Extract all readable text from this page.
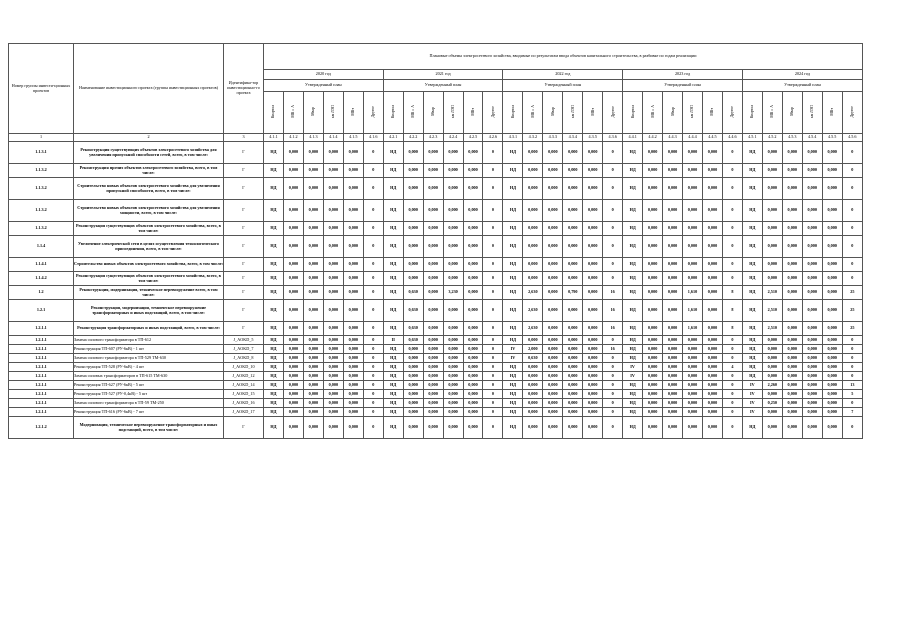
Номер группы инвести-ционных проектов	Наименование инвестиционного проекта (группы инвестиционных проектов)	Идентифика-тор инвестиционно-го проекта	Плановые объемы электросетевого хозяйства, вводимые по результатам ввода объектов капитального строительства, в разбивке по годам реализации																													
			2020 год						2021 год						2022 год						2023 год						2024 год					
			Утвержденный план						Утвержденный план						Утвержденный план						Утвержденный план						Утвержденный план					
			Квартал	МВ×А	Мвар	км ЛЭП	МВт	Другое	Квартал	МВ×А	Мвар	км ЛЭП	МВт	Другое	Квартал	МВ×А	Мвар	км ЛЭП	МВт	Другое	Квартал	МВ×А	Мвар	км ЛЭП	МВт	Другое	Квартал	МВ×А	Мвар	км ЛЭП	МВт	Другое
1	2	3	4.1.1	4.1.2	4.1.3	4.1.4	4.1.5	4.1.6	4.2.1	4.2.2	4.2.3	4.2.4	4.2.5	4.2.6	4.3.1	4.3.2	4.3.3	4.3.4	4.3.5	4.3.6	4.4.1	4.4.2	4.4.3	4.4.4	4.4.5	4.4.6	4.5.1	4.5.2	4.5.3	4.5.4	4.5.5	4.5.6
1.1.3.1	Реконструкция существующих объектов электросетевого хозяйства для увеличения пропускной способности сетей, всего, в том числе:	Г	НД	0,000	0,000	0,000	0,000	0	НД	0,000	0,000	0,000	0,000	0	НД	0,000	0,000	0,000	0,000	0	НД	0,000	0,000	0,000	0,000	0	НД	0,000	0,000	0,000	0,000	0
1.1.3.2	Реконструкция прочих объектов электросетевого хозяйства, всего, в том числе:	Г	НД	0,000	0,000	0,000	0,000	0	НД	0,000	0,000	0,000	0,000	0	НД	0,000	0,000	0,000	0,000	0	НД	0,000	0,000	0,000	0,000	0	НД	0,000	0,000	0,000	0,000	0
1.1.3.2	Строительство новых объектов электросетевого хозяйства для увеличения пропускной способности, всего, в том числе:	Г	НД	0,000	0,000	0,000	0,000	0	НД	0,000	0,000	0,000	0,000	0	НД	0,000	0,000	0,000	0,000	0	НД	0,000	0,000	0,000	0,000	0	НД	0,000	0,000	0,000	0,000	0
1.1.3.2	Строительство новых объектов электросетевого хозяйства для увеличения мощности, всего, в том числе:	Г	НД	0,000	0,000	0,000	0,000	0	НД	0,000	0,000	0,000	0,000	0	НД	0,000	0,000	0,000	0,000	0	НД	0,000	0,000	0,000	0,000	0	НД	0,000	0,000	0,000	0,000	0
1.1.3.2	Реконструкция существующих объектов электросетевого хозяйства, всего, в том числе:	Г	НД	0,000	0,000	0,000	0,000	0	НД	0,000	0,000	0,000	0,000	0	НД	0,000	0,000	0,000	0,000	0	НД	0,000	0,000	0,000	0,000	0	НД	0,000	0,000	0,000	0,000	0
1.1.4	Увеличение электрической сети в целях осуществления технологического присоединения, всего, в том числе:	Г	НД	0,000	0,000	0,000	0,000	0	НД	0,000	0,000	0,000	0,000	0	НД	0,000	0,000	0,000	0,000	0	НД	0,000	0,000	0,000	0,000	0	НД	0,000	0,000	0,000	0,000	0
1.1.4.1	Строительство новых объектов электросетевого хозяйства, всего, в том числе:	Г	НД	0,000	0,000	0,000	0,000	0	НД	0,000	0,000	0,000	0,000	0	НД	0,000	0,000	0,000	0,000	0	НД	0,000	0,000	0,000	0,000	0	НД	0,000	0,000	0,000	0,000	0
1.1.4.2	Реконструкция существующих объектов электросетевого хозяйства, всего, в том числе:	Г	НД	0,000	0,000	0,000	0,000	0	НД	0,000	0,000	0,000	0,000	0	НД	0,000	0,000	0,000	0,000	0	НД	0,000	0,000	0,000	0,000	0	НД	0,000	0,000	0,000	0,000	0
1.2	Реконструкция, модернизация, техническое перевооружение всего, в том числе:	Г	НД	0,000	0,000	0,000	0,000	0	НД	0,630	0,000	3,230	0,000	0	НД	2,630	0,000	0,790	0,000	16	НД	0,000	0,000	1,610	0,000	8	НД	2,510	0,000	0,000	0,000	25
1.2.1	Реконструкция, модернизация, техническое перевооружение трансформаторных и иных подстанций, всего, в том числе:	Г	НД	0,000	0,000	0,000	0,000	0	НД	0,630	0,000	0,000	0,000	0	НД	2,630	0,000	0,000	0,000	16	НД	0,000	0,000	1,610	0,000	8	НД	2,510	0,000	0,000	0,000	25
1.2.1.1	Реконструкция трансформаторных и иных подстанций, всего, в том числе:	Г	НД	0,000	0,000	0,000	0,000	0	НД	0,630	0,000	0,000	0,000	0	НД	2,630	0,000	0,000	0,000	16	НД	0,000	0,000	1,610	0,000	8	НД	2,510	0,000	0,000	0,000	25
1.2.1.1	Замена силового трансформатора в ТП-612	J_AOKD_5	НД	0,000	0,000	0,000	0,000	0	II	0,630	0,000	0,000	0,000	0	НД	0,000	0,000	0,000	0,000	0	НД	0,000	0,000	0,000	0,000	0	НД	0,000	0,000	0,000	0,000	0
1.2.1.1	Реконструкция ТП-607 (РУ-6кВ) - 1 шт	J_AOKD_7	НД	0,000	0,000	0,000	0,000	0	НД	0,000	0,000	0,000	0,000	0	IV	2,000	0,000	0,000	0,000	16	НД	0,000	0,000	0,000	0,000	0	НД	0,000	0,000	0,000	0,000	0
1.2.1.1	Замена силового трансформатора в ТП-529 ТМ-630	J_AOKD_8	НД	0,000	0,000	0,000	0,000	0	НД	0,000	0,000	0,000	0,000	0	IV	0,630	0,000	0,000	0,000	0	НД	0,000	0,000	0,000	0,000	0	НД	0,000	0,000	0,000	0,000	0
1.2.1.1	Реконструкция ТП-528 (РУ-6кВ) - 4 шт	J_AOKD_10	НД	0,000	0,000	0,000	0,000	0	НД	0,000	0,000	0,000	0,000	0	НД	0,000	0,000	0,000	0,000	0	IV	0,000	0,000	0,000	0,000	4	НД	0,000	0,000	0,000	0,000	0
1.2.1.1	Замена силовых трансформаторов в ТП-615 ТМ-630	J_AOKD_12	НД	0,000	0,000	0,000	0,000	0	НД	0,000	0,000	0,000	0,000	0	НД	0,000	0,000	0,000	0,000	0	IV	0,000	0,000	0,000	0,000	0	НД	0,000	0,000	0,000	0,000	0
1.2.1.1	Реконструкция ТП-627 (РУ-6кВ) - 5 шт	J_AOKD_14	НД	0,000	0,000	0,000	0,000	0	НД	0,000	0,000	0,000	0,000	0	НД	0,000	0,000	0,000	0,000	0	НД	0,000	0,000	0,000	0,000	0	IV	2,260	0,000	0,000	0,000	13
1.2.1.1	Реконструкция ТП-527 (РУ-0,4кВ) - 5 шт	J_AOKD_15	НД	0,000	0,000	0,000	0,000	0	НД	0,000	0,000	0,000	0,000	0	НД	0,000	0,000	0,000	0,000	0	НД	0,000	0,000	0,000	0,000	0	IV	0,000	0,000	0,000	0,000	5
1.2.1.1	Замена силового трансформатора в ТП-59 ТМ-250	J_AOKD_16	НД	0,000	0,000	0,000	0,000	0	НД	0,000	0,000	0,000	0,000	0	НД	0,000	0,000	0,000	0,000	0	НД	0,000	0,000	0,000	0,000	0	IV	0,250	0,000	0,000	0,000	0
1.2.1.1	Реконструкция ТП-616 (РУ-6кВ) - 7 шт	J_AOKD_17	НД	0,000	0,000	0,000	0,000	0	НД	0,000	0,000	0,000	0,000	0	НД	0,000	0,000	0,000	0,000	0	НД	0,000	0,000	0,000	0,000	0	IV	0,000	0,000	0,000	0,000	7
1.2.1.2	Модернизация, техническое перевооружение трансформаторных и иных подстанций, всего, в том числе:	Г	НД	0,000	0,000	0,000	0,000	0	НД	0,000	0,000	0,000	0,000	0	НД	0,000	0,000	0,000	0,000	0	НД	0,000	0,000	0,000	0,000	0	НД	0,000	0,000	0,000	0,000	0
